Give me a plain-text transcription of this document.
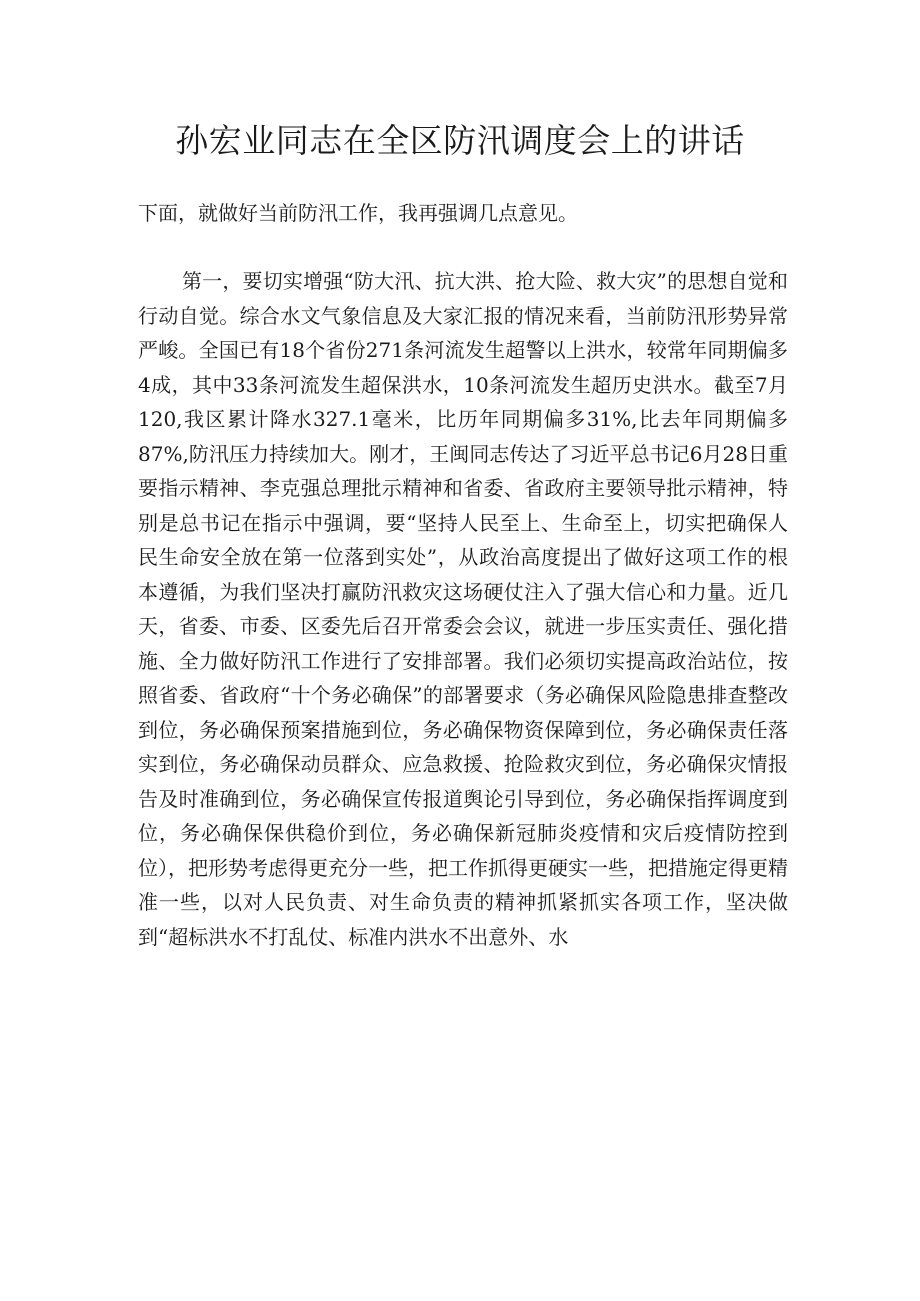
孙宏业同志在全区防汛调度会上的讲话

下面，就做好当前防汛工作，我再强调几点意见。

第一，要切实增强“防大汛、抗大洪、抢大险、救大灾”的思想自觉和行动自觉。综合水文气象信息及大家汇报的情况来看，当前防汛形势异常严峻。全国已有18个省份271条河流发生超警以上洪水，较常年同期偏多4成，其中33条河流发生超保洪水，10条河流发生超历史洪水。截至7月120,我区累计降水327.1毫米，比历年同期偏多31%,比去年同期偏多87%,防汛压力持续加大。刚才，王闽同志传达了习近平总书记6月28日重要指示精神、李克强总理批示精神和省委、省政府主要领导批示精神，特别是总书记在指示中强调，要“坚持人民至上、生命至上，切实把确保人民生命安全放在第一位落到实处”，从政治高度提出了做好这项工作的根本遵循，为我们坚决打赢防汛救灾这场硬仗注入了强大信心和力量。近几天，省委、市委、区委先后召开常委会会议，就进一步压实责任、强化措施、全力做好防汛工作进行了安排部署。我们必须切实提高政治站位，按照省委、省政府“十个务必确保”的部署要求（务必确保风险隐患排查整改到位，务必确保预案措施到位，务必确保物资保障到位，务必确保责任落实到位，务必确保动员群众、应急救援、抢险救灾到位，务必确保灾情报告及时准确到位，务必确保宣传报道舆论引导到位，务必确保指挥调度到位，务必确保保供稳价到位，务必确保新冠肺炎疫情和灾后疫情防控到位），把形势考虑得更充分一些，把工作抓得更硬实一些，把措施定得更精准一些，以对人民负责、对生命负责的精神抓紧抓实各项工作，坚决做到“超标洪水不打乱仗、标准内洪水不出意外、水
